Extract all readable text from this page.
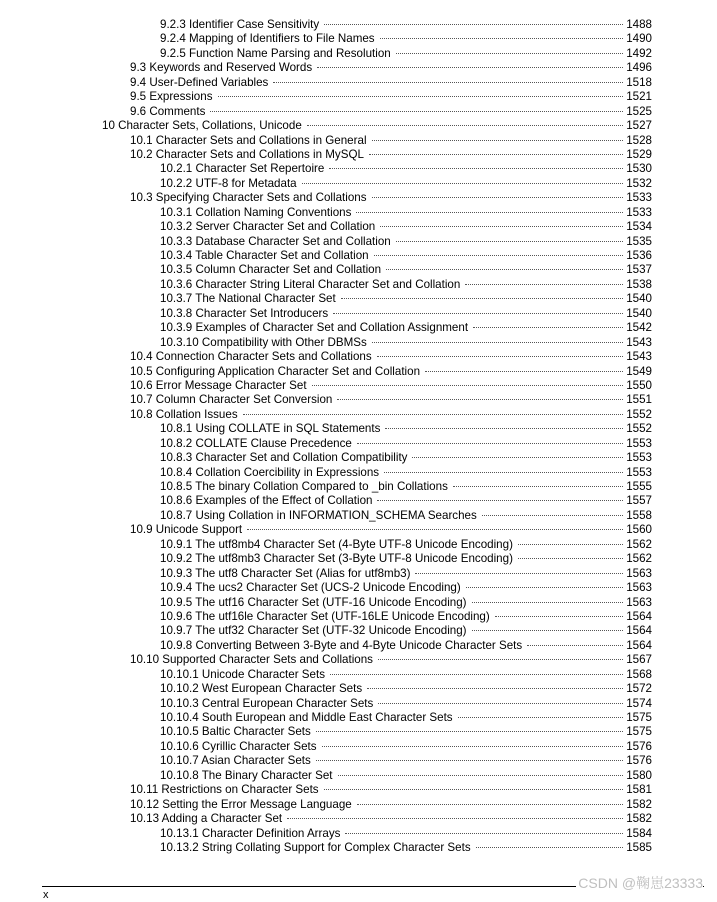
9.2.3 Identifier Case Sensitivity	1488
9.2.4 Mapping of Identifiers to File Names	1490
9.2.5 Function Name Parsing and Resolution	1492
9.3 Keywords and Reserved Words	1496
9.4 User-Defined Variables	1518
9.5 Expressions	1521
9.6 Comments	1525
10 Character Sets, Collations, Unicode	1527
10.1 Character Sets and Collations in General	1528
10.2 Character Sets and Collations in MySQL	1529
10.2.1 Character Set Repertoire	1530
10.2.2 UTF-8 for Metadata	1532
10.3 Specifying Character Sets and Collations	1533
10.3.1 Collation Naming Conventions	1533
10.3.2 Server Character Set and Collation	1534
10.3.3 Database Character Set and Collation	1535
10.3.4 Table Character Set and Collation	1536
10.3.5 Column Character Set and Collation	1537
10.3.6 Character String Literal Character Set and Collation	1538
10.3.7 The National Character Set	1540
10.3.8 Character Set Introducers	1540
10.3.9 Examples of Character Set and Collation Assignment	1542
10.3.10 Compatibility with Other DBMSs	1543
10.4 Connection Character Sets and Collations	1543
10.5 Configuring Application Character Set and Collation	1549
10.6 Error Message Character Set	1550
10.7 Column Character Set Conversion	1551
10.8 Collation Issues	1552
10.8.1 Using COLLATE in SQL Statements	1552
10.8.2 COLLATE Clause Precedence	1553
10.8.3 Character Set and Collation Compatibility	1553
10.8.4 Collation Coercibility in Expressions	1553
10.8.5 The binary Collation Compared to _bin Collations	1555
10.8.6 Examples of the Effect of Collation	1557
10.8.7 Using Collation in INFORMATION_SCHEMA Searches	1558
10.9 Unicode Support	1560
10.9.1 The utf8mb4 Character Set (4-Byte UTF-8 Unicode Encoding)	1562
10.9.2 The utf8mb3 Character Set (3-Byte UTF-8 Unicode Encoding)	1562
10.9.3 The utf8 Character Set (Alias for utf8mb3)	1563
10.9.4 The ucs2 Character Set (UCS-2 Unicode Encoding)	1563
10.9.5 The utf16 Character Set (UTF-16 Unicode Encoding)	1563
10.9.6 The utf16le Character Set (UTF-16LE Unicode Encoding)	1564
10.9.7 The utf32 Character Set (UTF-32 Unicode Encoding)	1564
10.9.8 Converting Between 3-Byte and 4-Byte Unicode Character Sets	1564
10.10 Supported Character Sets and Collations	1567
10.10.1 Unicode Character Sets	1568
10.10.2 West European Character Sets	1572
10.10.3 Central European Character Sets	1574
10.10.4 South European and Middle East Character Sets	1575
10.10.5 Baltic Character Sets	1575
10.10.6 Cyrillic Character Sets	1576
10.10.7 Asian Character Sets	1576
10.10.8 The Binary Character Set	1580
10.11 Restrictions on Character Sets	1581
10.12 Setting the Error Message Language	1582
10.13 Adding a Character Set	1582
10.13.1 Character Definition Arrays	1584
10.13.2 String Collating Support for Complex Character Sets	1585
x
CSDN @鞠崽23333
